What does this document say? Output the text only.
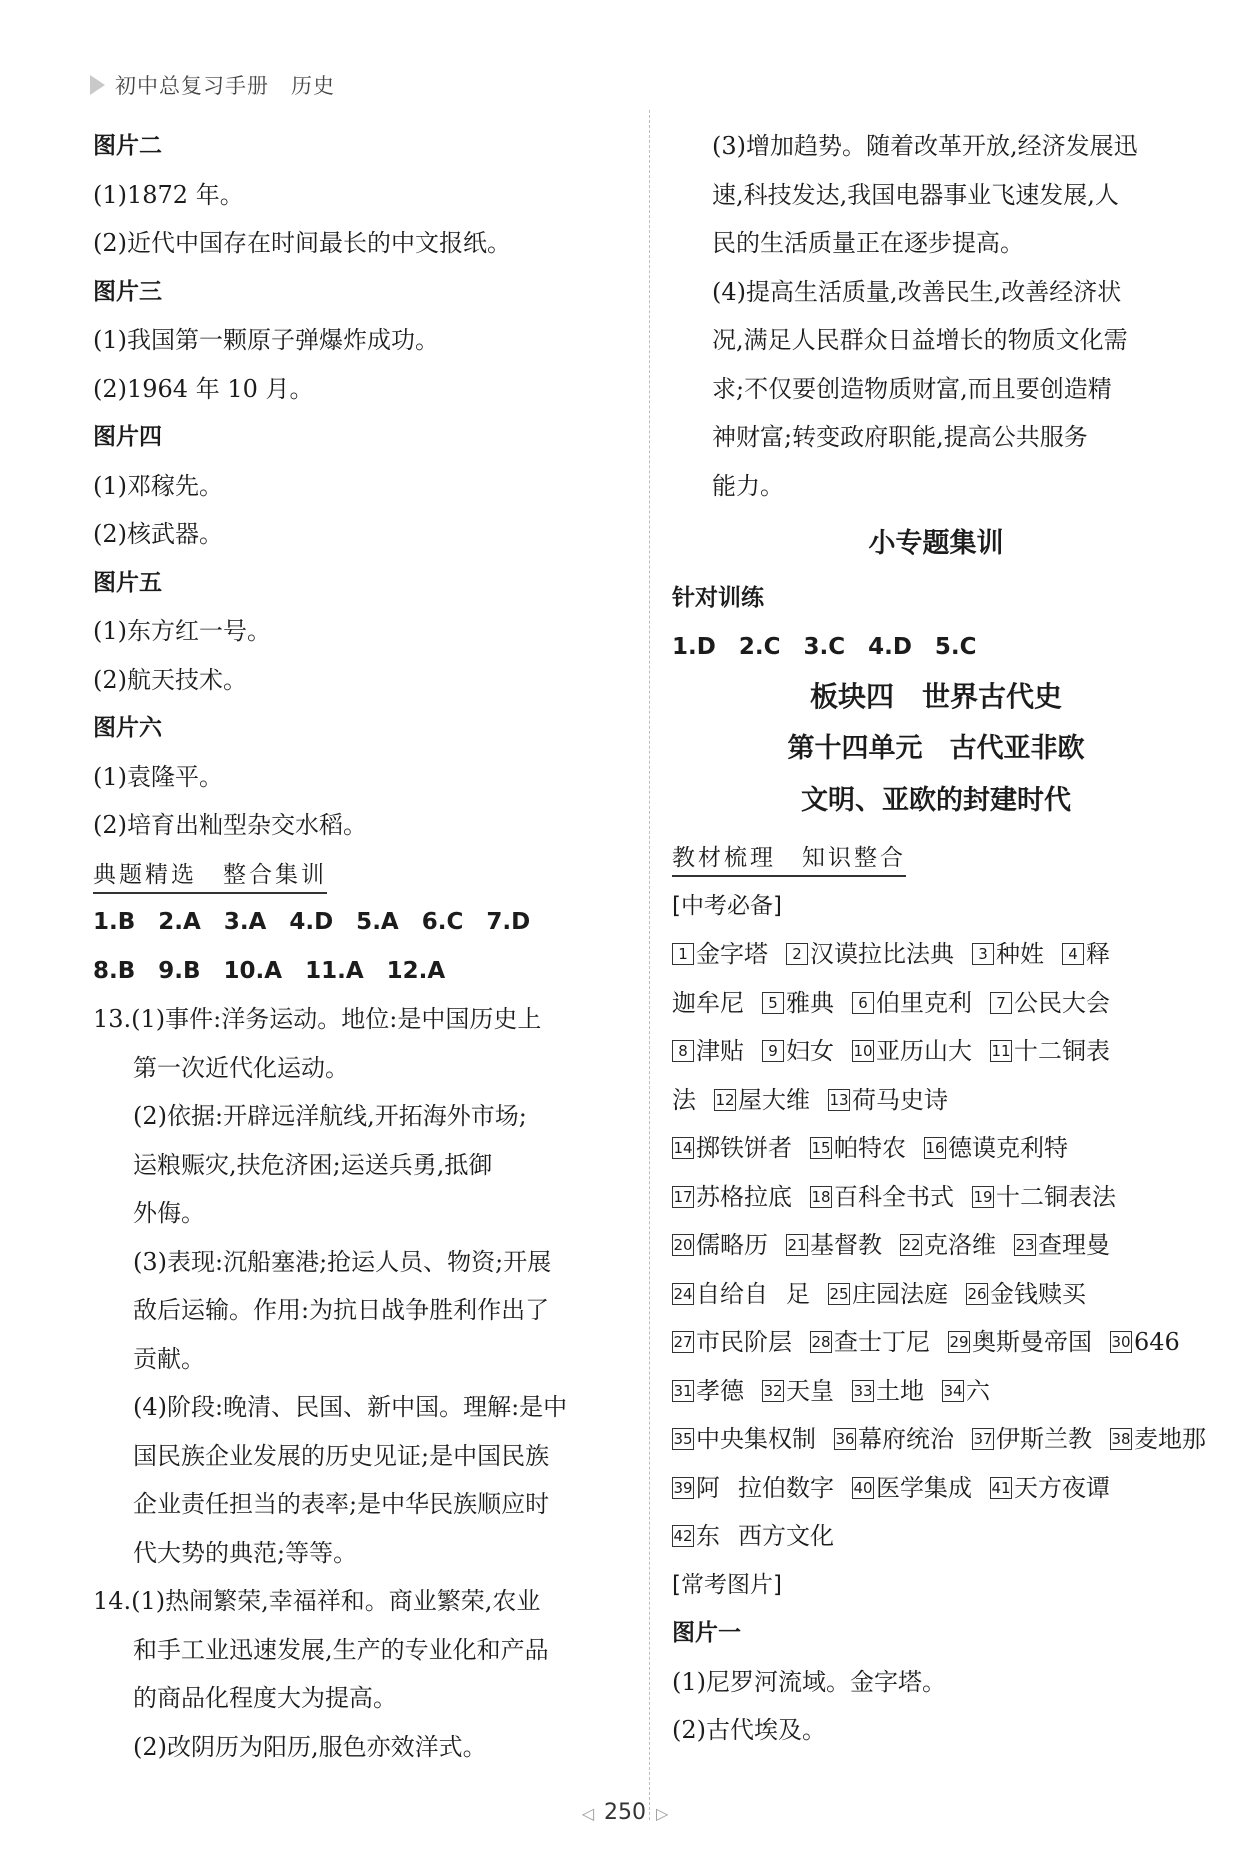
初中总复习手册　历史
图片二
(1)1872 年。
(2)近代中国存在时间最长的中文报纸。
图片三
(1)我国第一颗原子弹爆炸成功。
(2)1964 年 10 月。
图片四
(1)邓稼先。
(2)核武器。
图片五
(1)东方红一号。
(2)航天技术。
图片六
(1)袁隆平。
(2)培育出籼型杂交水稻。
典题精选　整合集训
1.B　2.A　3.A　4.D　5.A　6.C　7.D
8.B　9.B　10.A　11.A　12.A
13.(1)事件:洋务运动。地位:是中国历史上
第一次近代化运动。
(2)依据:开辟远洋航线,开拓海外市场;
运粮赈灾,扶危济困;运送兵勇,抵御
外侮。
(3)表现:沉船塞港;抢运人员、物资;开展
敌后运输。作用:为抗日战争胜利作出了
贡献。
(4)阶段:晚清、民国、新中国。理解:是中
国民族企业发展的历史见证;是中国民族
企业责任担当的表率;是中华民族顺应时
代大势的典范;等等。
14.(1)热闹繁荣,幸福祥和。商业繁荣,农业
和手工业迅速发展,生产的专业化和产品
的商品化程度大为提高。
(2)改阴历为阳历,服色亦效洋式。
(3)增加趋势。随着改革开放,经济发展迅
速,科技发达,我国电器事业飞速发展,人
民的生活质量正在逐步提高。
(4)提高生活质量,改善民生,改善经济状
况,满足人民群众日益增长的物质文化需
求;不仅要创造物质财富,而且要创造精
神财富;转变政府职能,提高公共服务
能力。
小专题集训
针对训练
1.D　2.C　3.C　4.D　5.C
板块四　世界古代史
第十四单元　古代亚非欧
文明、亚欧的封建时代
教材梳理　知识整合
[中考必备]
1 金字塔 2 汉谟拉比法典 3 种姓 4 释
迦牟尼 5 雅典 6 伯里克利 7 公民大会
8 津贴 9 妇女 10 亚历山大 11 十二铜表
法 12 屋大维 13 荷马史诗
14 掷铁饼者 15 帕特农 16 德谟克利特
17 苏格拉底 18 百科全书式 19 十二铜表法
20 儒略历 21 基督教 22 克洛维 23 查理曼
24 自给自 足 25 庄园法庭 26 金钱赎买
27 市民阶层 28 查士丁尼 29 奥斯曼帝国 30 646
31 孝德 32 天皇 33 土地 34 六
35 中央集权制 36 幕府统治 37 伊斯兰教 38 麦地那
39 阿 拉伯数字 40 医学集成 41 天方夜谭
42 东 西方文化
[常考图片]
图片一
(1)尼罗河流域。金字塔。
(2)古代埃及。
◁ 250 ▷
